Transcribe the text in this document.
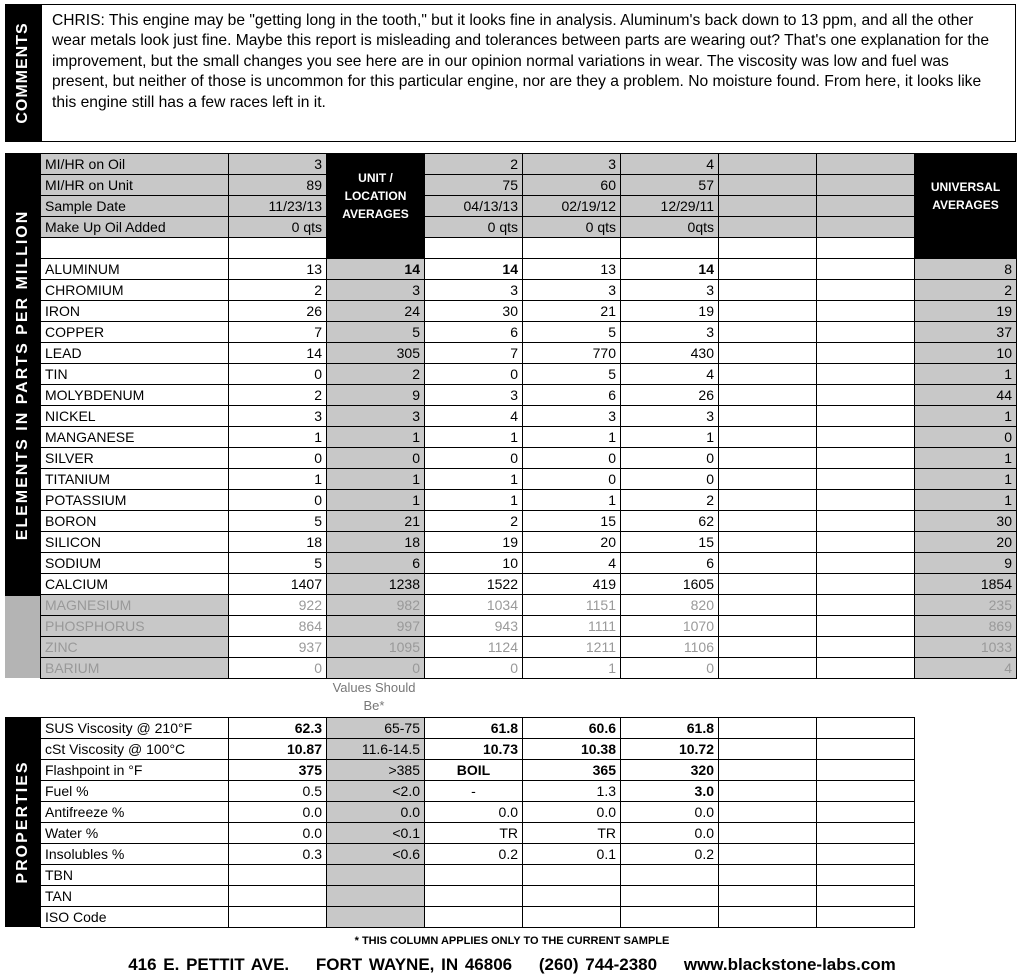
COMMENTS
CHRIS: This engine may be "getting long in the tooth," but it looks fine in analysis. Aluminum's back down to 13 ppm, and all the other wear metals look just fine. Maybe this report is misleading and tolerances between parts are wearing out? That's one explanation for the improvement, but the small changes you see here are in our opinion normal variations in wear. The viscosity was low and fuel was present, but neither of those is uncommon for this particular engine, nor are they a problem. No moisture found. From here, it looks like this engine still has a few races left in it.
ELEMENTS IN PARTS PER MILLION
MI/HR on Oil	3	UNIT / LOCATION AVERAGES	2	3	4			UNIVERSAL AVERAGES

MI/HR on Unit	89		75	60	57			
Sample Date	11/23/13		04/13/13	02/19/12	12/29/11			
Make Up Oil Added	0 qts		0 qts	0 qts	0qts			

ALUMINUM	13	14	14	13	14			8
CHROMIUM	2	3	3	3	3			2
IRON	26	24	30	21	19			19
COPPER	7	5	6	5	3			37
LEAD	14	305	7	770	430			10
TIN	0	2	0	5	4			1
MOLYBDENUM	2	9	3	6	26			44
NICKEL	3	3	4	3	3			1
MANGANESE	1	1	1	1	1			0
SILVER	0	0	0	0	0			1
TITANIUM	1	1	1	0	0			1
POTASSIUM	0	1	1	1	2			1
BORON	5	21	2	15	62			30
SILICON	18	18	19	20	15			20
SODIUM	5	6	10	4	6			9
CALCIUM	1407	1238	1522	419	1605			1854
MAGNESIUM	922	982	1034	1151	820			235
PHOSPHORUS	864	997	943	1111	1070			869
ZINC	937	1095	1124	1211	1106			1033
BARIUM	0	0	0	1	0			4
Values Should Be*
PROPERTIES
SUS Viscosity @ 210°F	62.3	65-75	61.8	60.6	61.8		
cSt Viscosity @ 100°C	10.87	11.6-14.5	10.73	10.38	10.72		
Flashpoint in °F	375	>385	BOIL	365	320		
Fuel %	0.5	<2.0	-	1.3	3.0		
Antifreeze %	0.0	0.0	0.0	0.0	0.0		
Water %	0.0	<0.1	TR	TR	0.0		
Insolubles %	0.3	<0.6	0.2	0.1	0.2		
TBN							
TAN							
ISO Code							
* THIS COLUMN APPLIES ONLY TO THE CURRENT SAMPLE
416 E. PETTIT AVE. FORT WAYNE, IN 46806 (260) 744-2380 www.blackstone-labs.com
